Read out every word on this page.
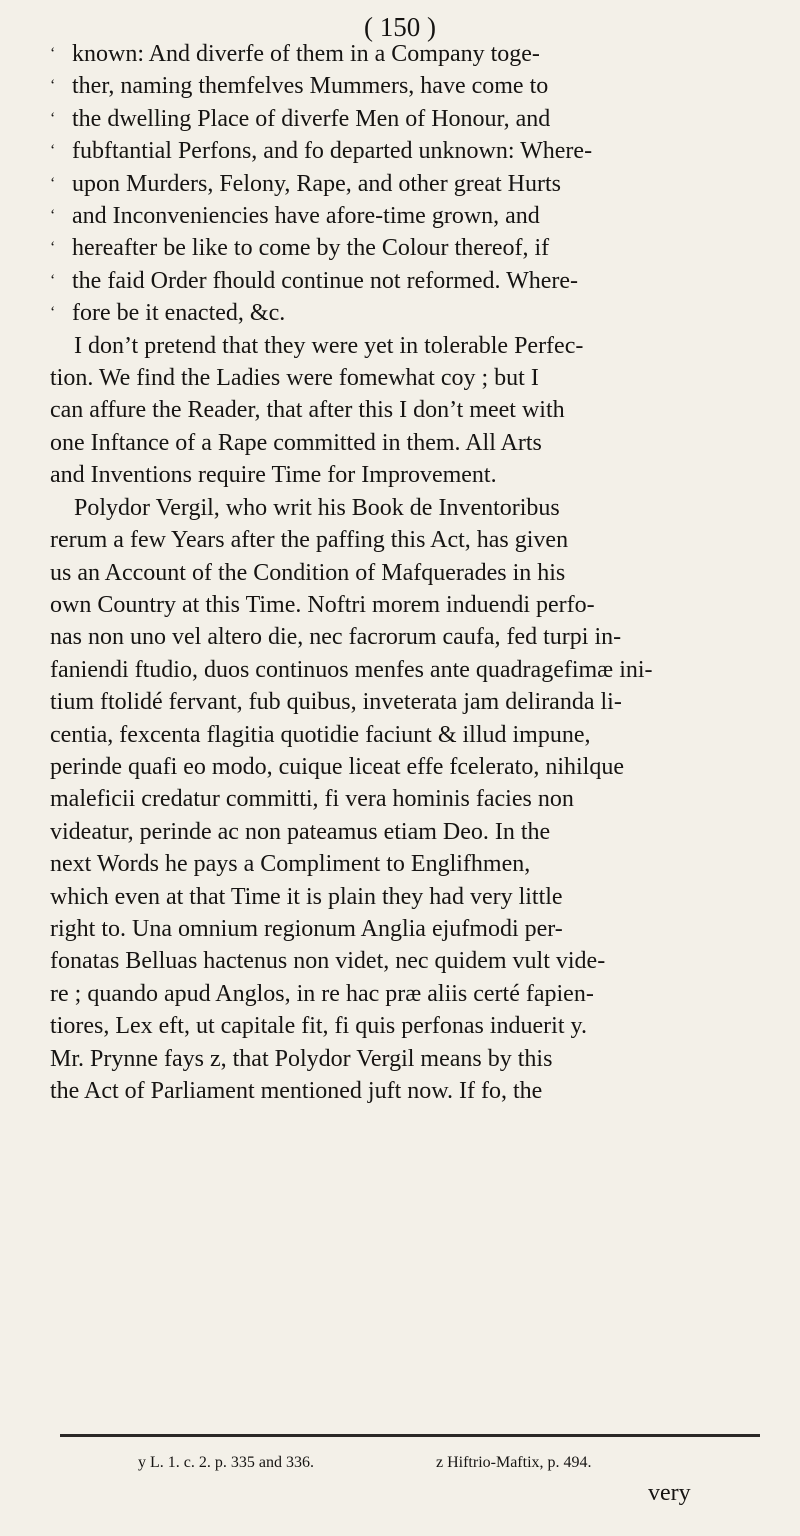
( 150 )
‘ known: And diverfe of them in a Company toge-
‘ ther, naming themfelves Mummers, have come to
‘ the dwelling Place of diverfe Men of Honour, and
‘ fubftantial Perfons, and fo departed unknown: Where-
‘ upon Murders, Felony, Rape, and other great Hurts
‘ and Inconveniencies have afore-time grown, and
‘ hereafter be like to come by the Colour thereof, if
‘ the faid Order fhould continue not reformed. Where-
‘ fore be it enacted, &c.
I don’t pretend that they were yet in tolerable Perfec-
tion. We find the Ladies were fomewhat coy ; but I
can affure the Reader, that after this I don’t meet with
one Inftance of a Rape committed in them. All Arts
and Inventions require Time for Improvement.
Polydor Vergil, who writ his Book de Inventoribus
rerum a few Years after the paffing this Act, has given
us an Account of the Condition of Mafquerades in his
own Country at this Time. Noftri morem induendi perfo-
nas non uno vel altero die, nec facrorum caufa, fed turpi in-
faniendi ftudio, duos continuos menfes ante quadragefimæ ini-
tium ftolidé fervant, fub quibus, inveterata jam deliranda li-
centia, fexcenta flagitia quotidie faciunt & illud impune,
perinde quafi eo modo, cuique liceat effe fcelerato, nihilque
maleficii credatur committi, fi vera hominis facies non
videatur, perinde ac non pateamus etiam Deo. In the
next Words he pays a Compliment to Englifhmen,
which even at that Time it is plain they had very little
right to. Una omnium regionum Anglia ejufmodi per-
fonatas Belluas hactenus non videt, nec quidem vult vide-
re ; quando apud Anglos, in re hac præ aliis certé fapien-
tiores, Lex eft, ut capitale fit, fi quis perfonas induerit y.
Mr. Prynne fays z, that Polydor Vergil means by this
the Act of Parliament mentioned juft now. If fo, the
y L. 1. c. 2. p. 335 and 336.	z Hiftrio-Maftix, p. 494.
very
